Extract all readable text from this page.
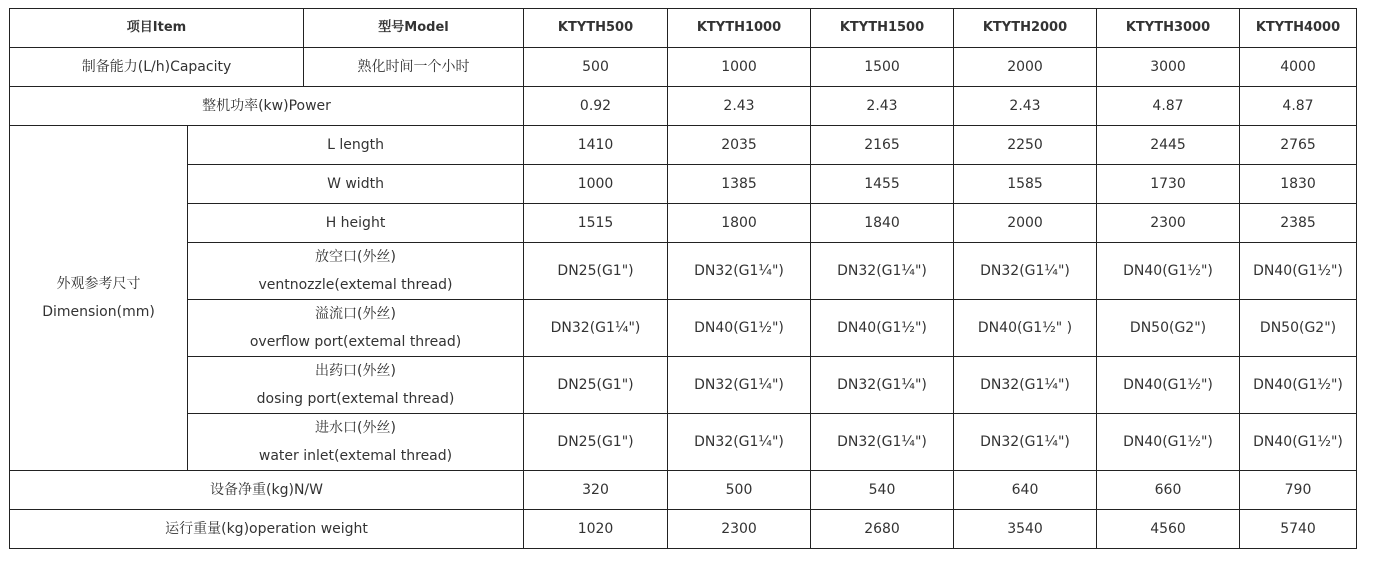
项目Item		型号Model	KTYTH500	KTYTH1000	KTYTH1500	KTYTH2000	KTYTH3000	KTYTH4000
制备能力(L/h)Capacity		熟化时间一个小时	500	1000	1500	2000	3000	4000
整机功率(kw)Power			0.92	2.43	2.43	2.43	4.87	4.87

外观参考尺寸
Dimension(mm)	L length		1410	2035	2165	2250	2445	2765
	W width		1000	1385	1455	1585	1730	1830
	H height		1515	1800	1840	2000	2300	2385

	放空口(外丝)
ventnozzle(extemal thread)		DN25(G1")	DN32(G1¼")	DN32(G1¼")	DN32(G1¼")	DN40(G1½")	DN40(G1½")

	溢流口(外丝)
overflow port(extemal thread)		DN32(G1¼")	DN40(G1½")	DN40(G1½")	DN40(G1½" )	DN50(G2")	DN50(G2")

	出药口(外丝)
dosing port(extemal thread)		DN25(G1")	DN32(G1¼")	DN32(G1¼")	DN32(G1¼")	DN40(G1½")	DN40(G1½")

	进水口(外丝)
water inlet(extemal thread)		DN25(G1")	DN32(G1¼")	DN32(G1¼")	DN32(G1¼")	DN40(G1½")	DN40(G1½")
设备净重(kg)N/W			320	500	540	640	660	790
运行重量(kg)operation weight			1020	2300	2680	3540	4560	5740
